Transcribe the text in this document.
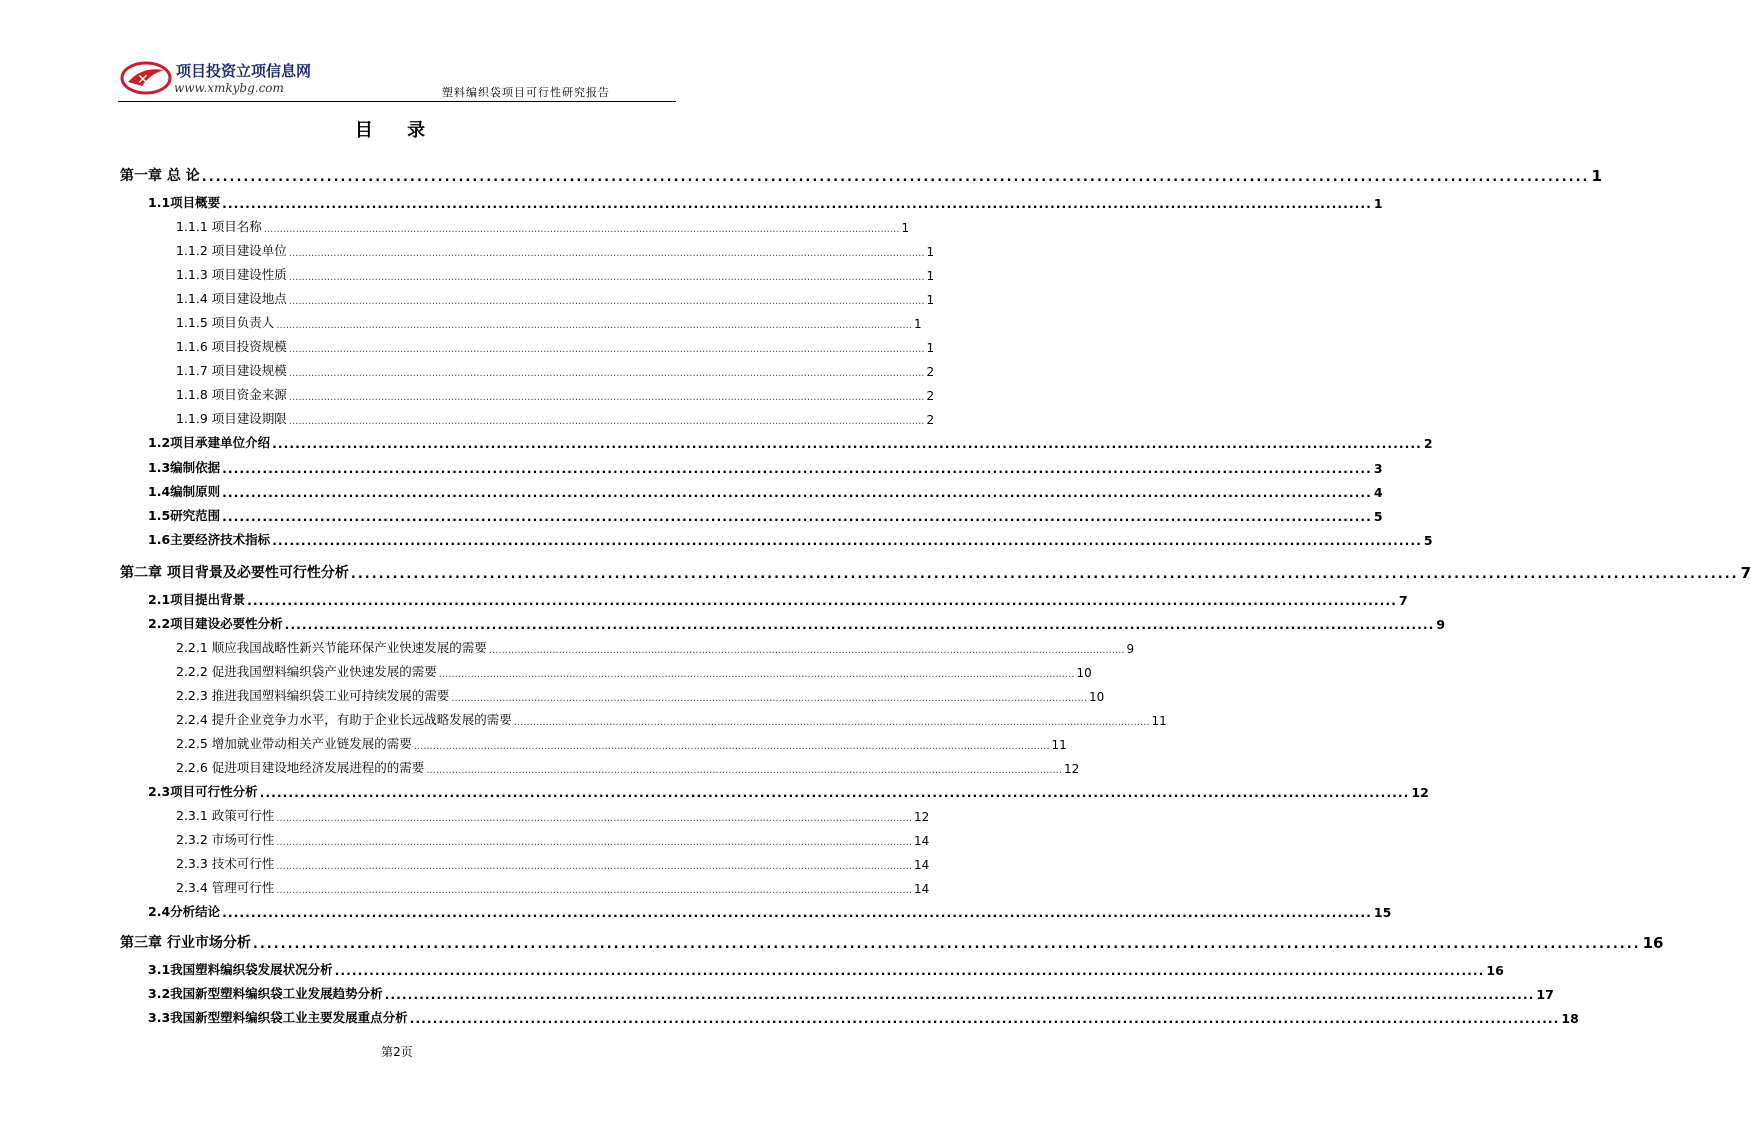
✕ 项目投资立项信息网
www.xmkybg.com	塑料编织袋项目可行性研究报告
目 录
第一章 总 论 ........................................................................................................................................................................................................ 1
1.1项目概要 ........................................................................................................................................................................................................ 1
1.1.1 项目名称 ........................................................................................................................................................................................................ 1
1.1.2 项目建设单位 ........................................................................................................................................................................................................ 1
1.1.3 项目建设性质 ........................................................................................................................................................................................................ 1
1.1.4 项目建设地点 ........................................................................................................................................................................................................ 1
1.1.5 项目负责人 ........................................................................................................................................................................................................ 1
1.1.6 项目投资规模 ........................................................................................................................................................................................................ 1
1.1.7 项目建设规模 ........................................................................................................................................................................................................ 2
1.1.8 项目资金来源 ........................................................................................................................................................................................................ 2
1.1.9 项目建设期限 ........................................................................................................................................................................................................ 2
1.2项目承建单位介绍 ........................................................................................................................................................................................................ 2
1.3编制依据 ........................................................................................................................................................................................................ 3
1.4编制原则 ........................................................................................................................................................................................................ 4
1.5研究范围 ........................................................................................................................................................................................................ 5
1.6主要经济技术指标 ........................................................................................................................................................................................................ 5
第二章 项目背景及必要性可行性分析 ........................................................................................................................................................................................................ 7
2.1项目提出背景 ........................................................................................................................................................................................................ 7
2.2项目建设必要性分析 ........................................................................................................................................................................................................ 9
2.2.1 顺应我国战略性新兴节能环保产业快速发展的需要 ........................................................................................................................................................................................................ 9
2.2.2 促进我国塑料编织袋产业快速发展的需要 ........................................................................................................................................................................................................ 10
2.2.3 推进我国塑料编织袋工业可持续发展的需要 ........................................................................................................................................................................................................ 10
2.2.4 提升企业竞争力水平，有助于企业长远战略发展的需要 ........................................................................................................................................................................................................ 11
2.2.5 增加就业带动相关产业链发展的需要 ........................................................................................................................................................................................................ 11
2.2.6 促进项目建设地经济发展进程的的需要 ........................................................................................................................................................................................................ 12
2.3项目可行性分析 ........................................................................................................................................................................................................ 12
2.3.1 政策可行性 ........................................................................................................................................................................................................ 12
2.3.2 市场可行性 ........................................................................................................................................................................................................ 14
2.3.3 技术可行性 ........................................................................................................................................................................................................ 14
2.3.4 管理可行性 ........................................................................................................................................................................................................ 14
2.4分析结论 ........................................................................................................................................................................................................ 15
第三章 行业市场分析 ........................................................................................................................................................................................................ 16
3.1我国塑料编织袋发展状况分析 ........................................................................................................................................................................................................ 16
3.2我国新型塑料编织袋工业发展趋势分析 ........................................................................................................................................................................................................ 17
3.3我国新型塑料编织袋工业主要发展重点分析 ........................................................................................................................................................................................................ 18
第2页
